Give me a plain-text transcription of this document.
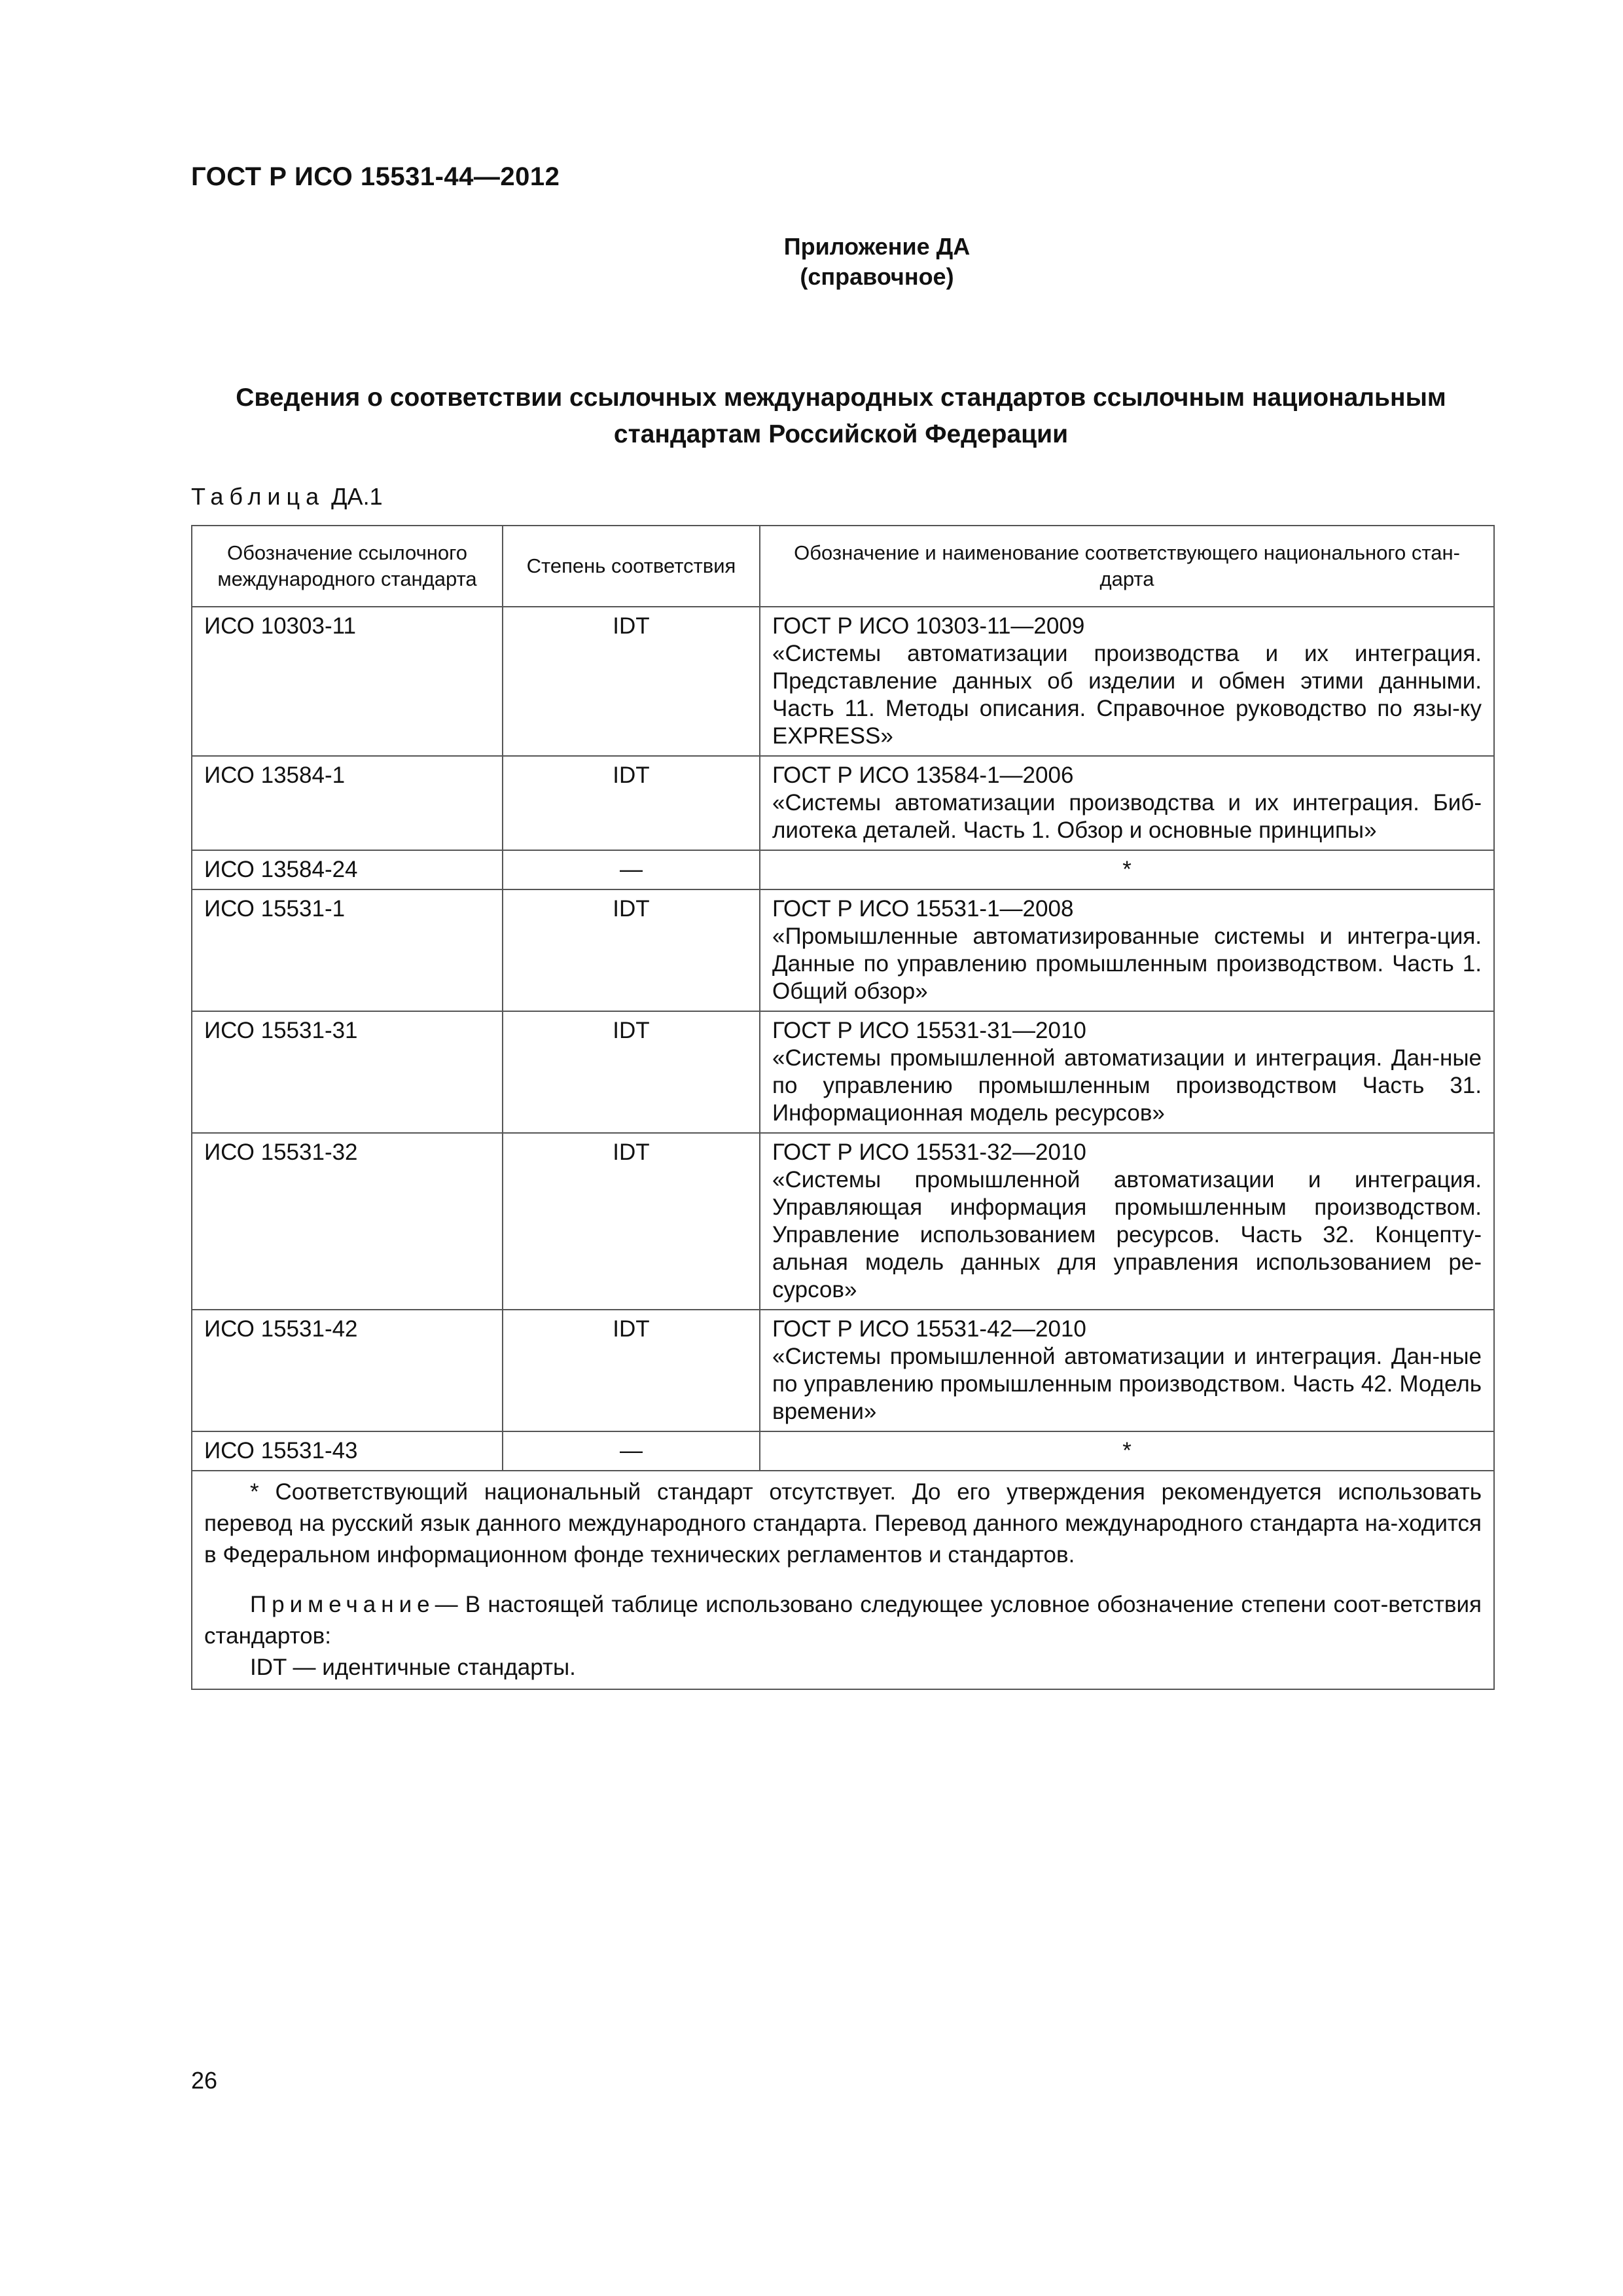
ГОСТ Р ИСО 15531-44—2012
Приложение ДА
(справочное)
Сведения о соответствии ссылочных международных стандартов ссылочным национальным стандартам Российской Федерации
Таблица ДА.1
Обозначение ссылочного международного стандарта	Степень соответствия	Обозначение и наименование соответствующего национального стан-дарта
ИСО 10303-11	IDT	ГОСТ Р ИСО 10303-11—2009
«Системы автоматизации производства и их интеграция. Представление данных об изделии и обмен этими данными. Часть 11. Методы описания. Справочное руководство по язы-ку EXPRESS»

ИСО 13584-1	IDT	ГОСТ Р ИСО 13584-1—2006
«Системы автоматизации производства и их интеграция. Биб-лиотека деталей. Часть 1. Обзор и основные принципы»

ИСО 13584-24	—	*
ИСО 15531-1	IDT	ГОСТ Р ИСО 15531-1—2008
«Промышленные автоматизированные системы и интегра-ция. Данные по управлению промышленным производством. Часть 1. Общий обзор»

ИСО 15531-31	IDT	ГОСТ Р ИСО 15531-31—2010
«Системы промышленной автоматизации и интеграция. Дан-ные по управлению промышленным производством Часть 31. Информационная модель ресурсов»

ИСО 15531-32	IDT	ГОСТ Р ИСО 15531-32—2010
«Системы промышленной автоматизации и интеграция. Управляющая информация промышленным производством. Управление использованием ресурсов. Часть 32. Концепту-альная модель данных для управления использованием ре-сурсов»

ИСО 15531-42	IDT	ГОСТ Р ИСО 15531-42—2010
«Системы промышленной автоматизации и интеграция. Дан-ные по управлению промышленным производством. Часть 42. Модель времени»

ИСО 15531-43	—	*

* Соответствующий национальный стандарт отсутствует. До его утверждения рекомендуется использовать перевод на русский язык данного международного стандарта. Перевод данного международного стандарта на-ходится в Федеральном информационном фонде технических регламентов и стандартов.
Примечание— В настоящей таблице использовано следующее условное обозначение степени соот-ветствия стандартов:
IDT — идентичные стандарты.		
26
